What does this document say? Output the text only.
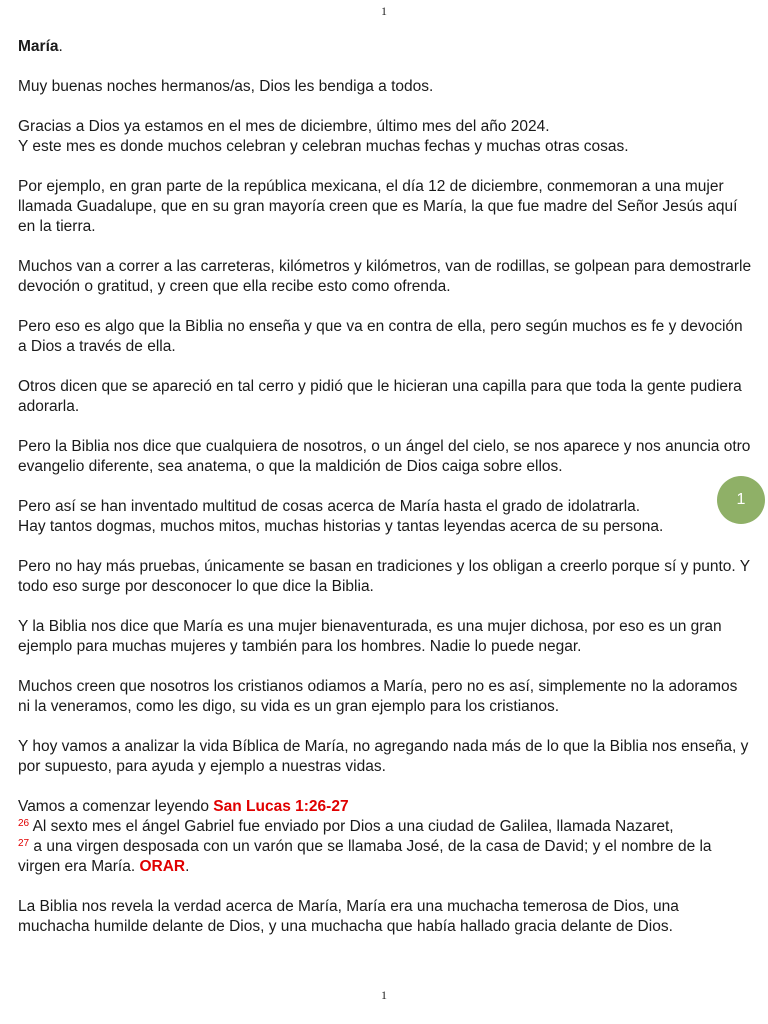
1

María.

Muy buenas noches hermanos/as, Dios les bendiga a todos.

Gracias a Dios ya estamos en el mes de diciembre, último mes del año 2024.
Y este mes es donde muchos celebran y celebran muchas fechas y muchas otras cosas.

Por ejemplo, en gran parte de la república mexicana, el día 12 de diciembre, conmemoran a una mujer llamada Guadalupe, que en su gran mayoría creen que es María, la que fue madre del Señor Jesús aquí en la tierra.

Muchos van a correr a las carreteras, kilómetros y kilómetros, van de rodillas, se golpean para demostrarle devoción o gratitud, y creen que ella recibe esto como ofrenda.

Pero eso es algo que la Biblia no enseña y que va en contra de ella, pero según muchos es fe y devoción a Dios a través de ella.

Otros dicen que se apareció en tal cerro y pidió que le hicieran una capilla para que toda la gente pudiera adorarla.

Pero la Biblia nos dice que cualquiera de nosotros, o un ángel del cielo, se nos aparece y nos anuncia otro evangelio diferente, sea anatema, o que la maldición de Dios caiga sobre ellos.

Pero así se han inventado multitud de cosas acerca de María hasta el grado de idolatrarla.
Hay tantos dogmas, muchos mitos, muchas historias y tantas leyendas acerca de su persona.

Pero no hay más pruebas, únicamente se basan en tradiciones y los obligan a creerlo porque sí y punto. Y todo eso surge por desconocer lo que dice la Biblia.

Y la Biblia nos dice que María es una mujer bienaventurada, es una mujer dichosa, por eso es un gran ejemplo para muchas mujeres y también para los hombres. Nadie lo puede negar.

Muchos creen que nosotros los cristianos odiamos a María, pero no es así, simplemente no la adoramos ni la veneramos, como les digo, su vida es un gran ejemplo para los cristianos.

Y hoy vamos a analizar la vida Bíblica de María, no agregando nada más de lo que la Biblia nos enseña, y por supuesto, para ayuda y ejemplo a nuestras vidas.

Vamos a comenzar leyendo San Lucas 1:26-27
$^{26}$ Al sexto mes el ángel Gabriel fue enviado por Dios a una ciudad de Galilea, llamada Nazaret,
$^{27}$ a una virgen desposada con un varón que se llamaba José, de la casa de David; y el nombre de la virgen era María. ORAR.

La Biblia nos revela la verdad acerca de María, María era una muchacha temerosa de Dios, una muchacha humilde delante de Dios, y una muchacha que había hallado gracia delante de Dios.

1
1
